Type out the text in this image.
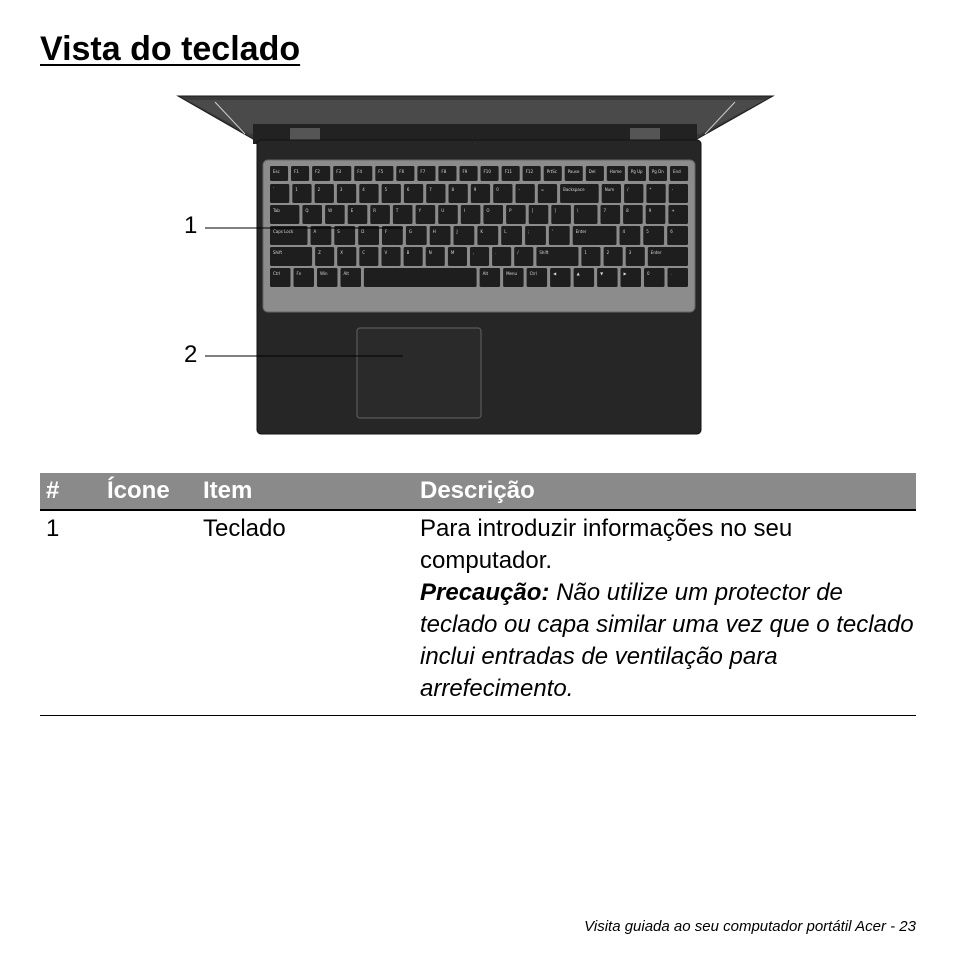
Vista do teclado
.
Esc	F1	F2	F3	F4	F5	F6	F7	F8	F9	F10	F11	F12	PrtSc	Pause Del	Home Pg Up Pg Dn End
`	1	2	3	4	5	6	7	8	9	0	-	=	Backspace	Num	/	*	-
Tab	Q	W	E	R	T	Y	U	I	O	P	[	]	\	7	8	9	+
Caps Lock	A	S	D	F	G	H	J	K	L	;	'	Enter	4	5	6
Shift	Z	X	C	V	B	N	M	,	.	/	Shift	1	2	3	Enter
Ctrl	Fn	Win	Alt	Alt	Menu	Ctrl	◀	▲	▼	▶	0	.
1
2
#	Ícone	Item	Descrição
1		Teclado	Para introduzir informações no seu computador.
Precaução: Não utilize um protector de teclado ou capa similar uma vez que o teclado inclui entradas de ventilação para arrefecimento.
Visita guiada ao seu computador portátil Acer - 23
